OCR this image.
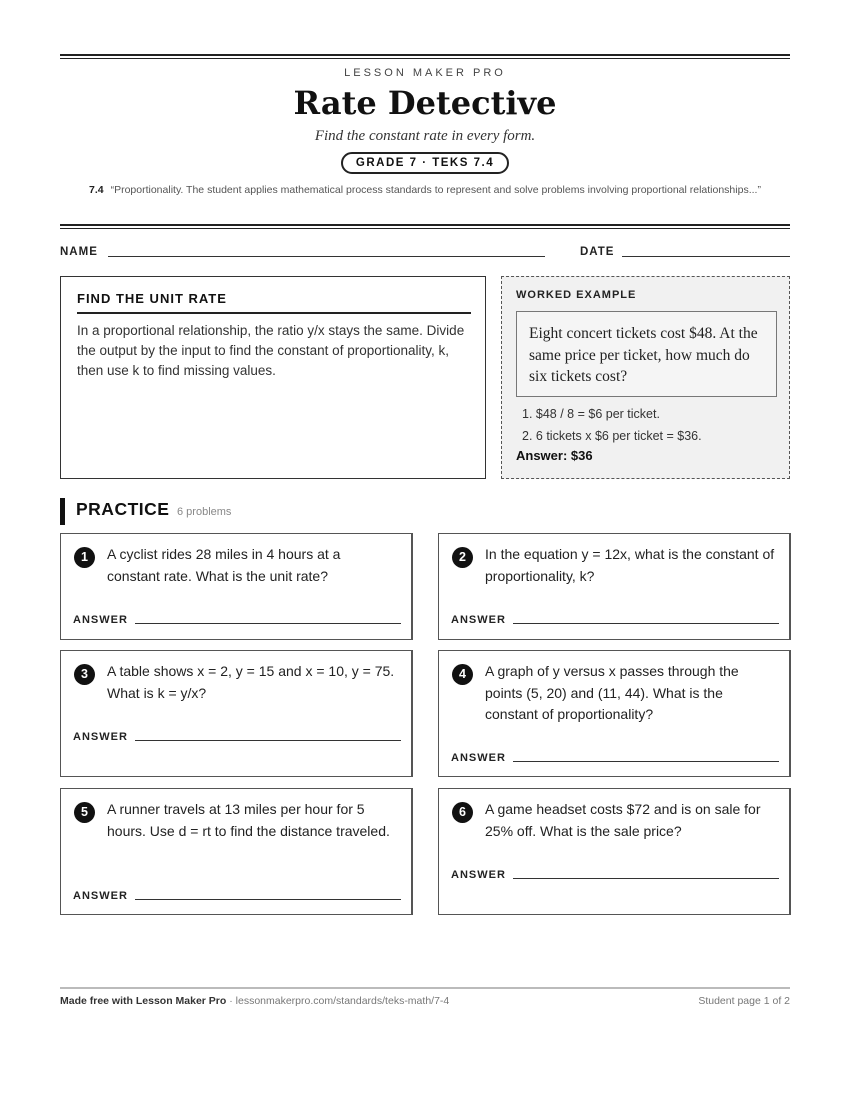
LESSON MAKER PRO
Rate Detective
Find the constant rate in every form.
GRADE 7 · TEKS 7.4
7.4 “Proportionality. The student applies mathematical process standards to represent and solve problems involving proportional relationships...”
NAME	DATE
FIND THE UNIT RATE
In a proportional relationship, the ratio y/x stays the same. Divide the output by the input to find the constant of proportionality, k, then use k to find missing values.
WORKED EXAMPLE
Eight concert tickets cost $48. At the same price per ticket, how much do six tickets cost?
1. $48 / 8 = $6 per ticket.
2. 6 tickets x $6 per ticket = $36.
Answer: $36
PRACTICE 6 problems
1	A cyclist rides 28 miles in 4 hours at a constant rate. What is the unit rate?
ANSWER
2	In the equation y = 12x, what is the constant of proportionality, k?
ANSWER
3	A table shows x = 2, y = 15 and x = 10, y = 75. What is k = y/x?
ANSWER
4	A graph of y versus x passes through the points (5, 20) and (11, 44). What is the constant of proportionality?
ANSWER
5	A runner travels at 13 miles per hour for 5 hours. Use d = rt to find the distance traveled.
ANSWER
6	A game headset costs $72 and is on sale for 25% off. What is the sale price?
ANSWER
Made free with Lesson Maker Pro · lessonmakerpro.com/standards/teks-math/7-4	Student page 1 of 2
